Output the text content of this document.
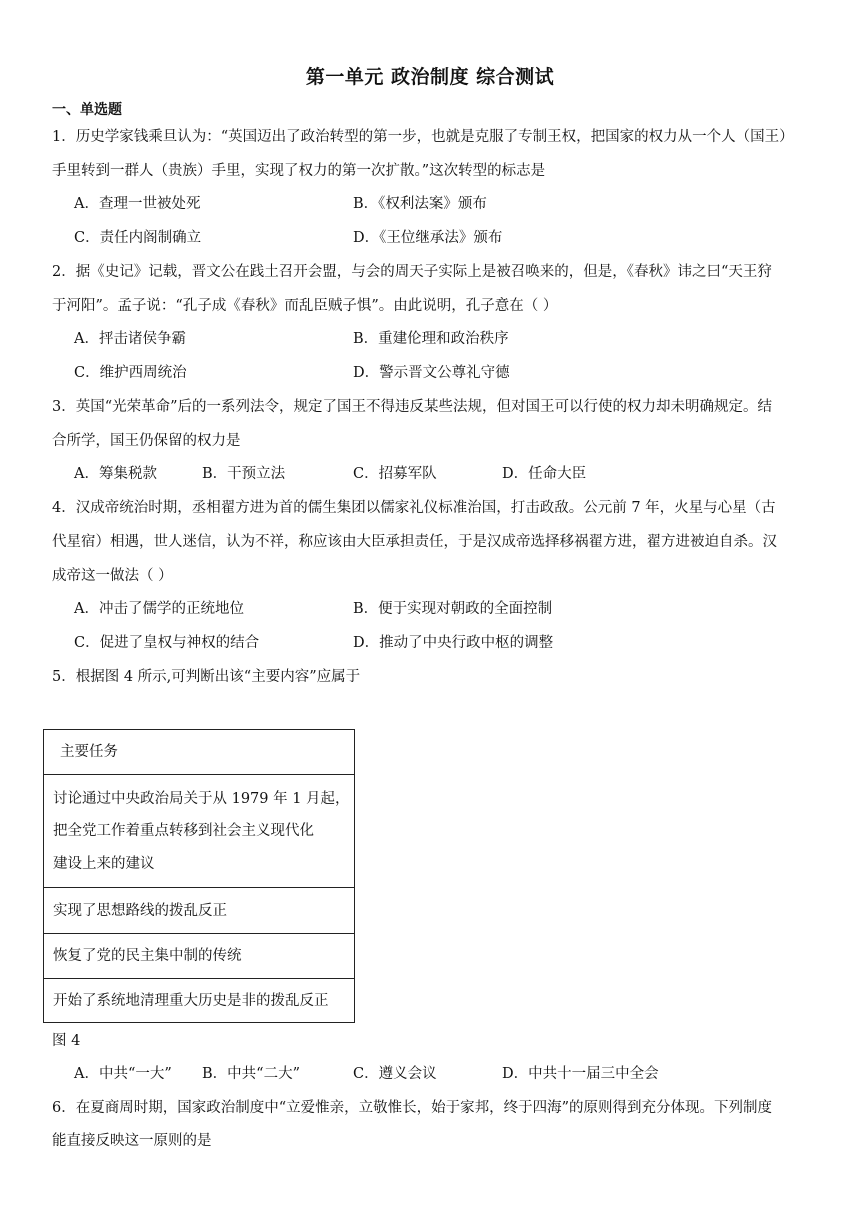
第一单元 政治制度 综合测试
一、单选题
1．历史学家钱乘旦认为：“英国迈出了政治转型的第一步，也就是克服了专制王权，把国家的权力从一个人（国王）
手里转到一群人（贵族）手里，实现了权力的第一次扩散。”这次转型的标志是
A．查理一世被处死	B．《权利法案》颁布
C．责任内阁制确立	D．《王位继承法》颁布
2．据《史记》记载，晋文公在践土召开会盟，与会的周天子实际上是被召唤来的，但是，《春秋》讳之曰“天王狩
于河阳”。孟子说：“孔子成《春秋》而乱臣贼子惧”。由此说明，孔子意在（ ）
A．抨击诸侯争霸	B．重建伦理和政治秩序
C．维护西周统治	D．警示晋文公尊礼守德
3．英国“光荣革命”后的一系列法令，规定了国王不得违反某些法规，但对国王可以行使的权力却未明确规定。结
合所学，国王仍保留的权力是
A．筹集税款	B．干预立法	C．招募军队	D．任命大臣
4．汉成帝统治时期，丞相翟方进为首的儒生集团以儒家礼仪标准治国，打击政敌。公元前 7 年，火星与心星（古
代星宿）相遇，世人迷信，认为不祥，称应该由大臣承担责任，于是汉成帝选择移祸翟方进，翟方进被迫自杀。汉
成帝这一做法（ ）
A．冲击了儒学的正统地位	B．便于实现对朝政的全面控制
C．促进了皇权与神权的结合	D．推动了中央行政中枢的调整
5．根据图 4 所示,可判断出该“主要内容”应属于
主要任务
讨论通过中央政治局关于从 1979 年 1 月起，
把全党工作着重点转移到社会主义现代化
建设上来的建议
实现了思想路线的拨乱反正
恢复了党的民主集中制的传统
开始了系统地清理重大历史是非的拨乱反正
图 4
A．中共“一大” B．中共“二大”	C．遵义会议	D．中共十一届三中全会
6．在夏商周时期，国家政治制度中“立爱惟亲，立敬惟长，始于家邦，终于四海”的原则得到充分体现。下列制度
能直接反映这一原则的是
